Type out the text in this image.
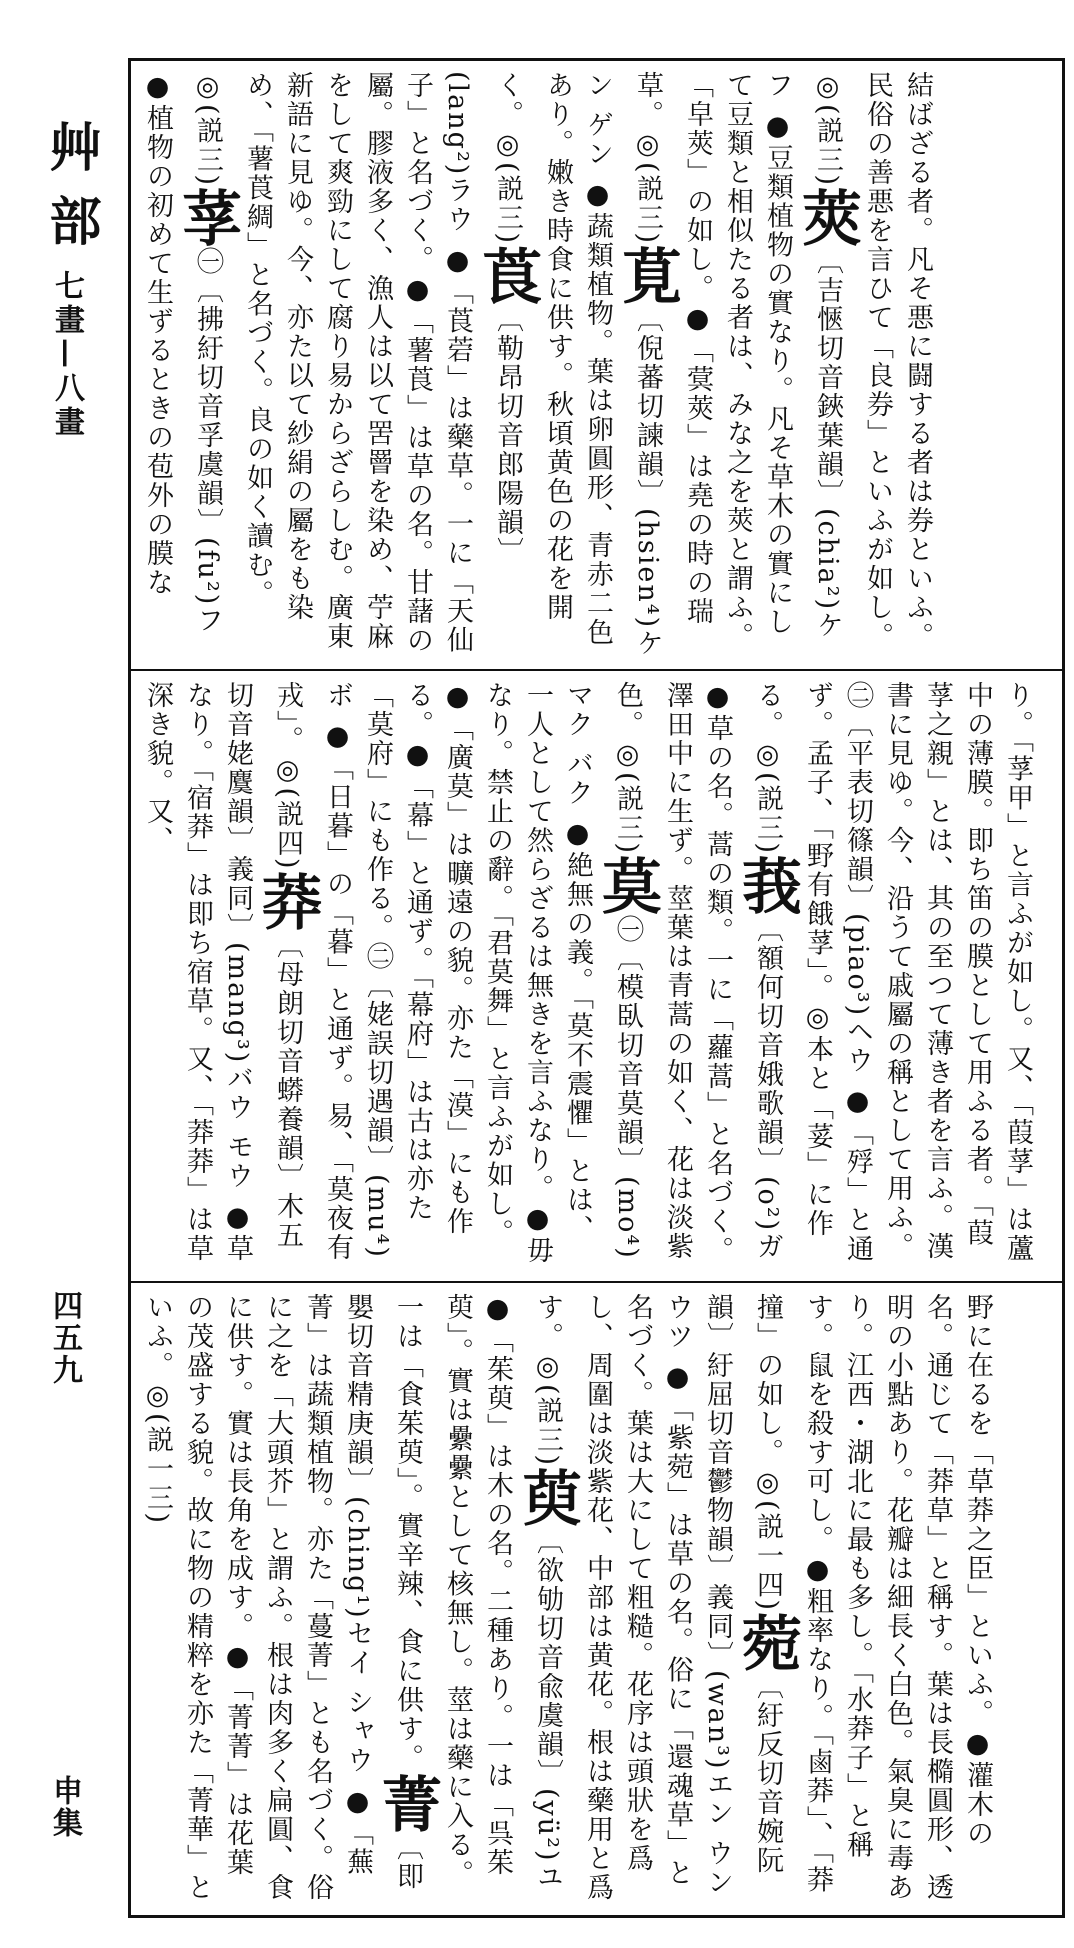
艸部
七畫—八畫
四五九
申集
結ばざる者。凡そ悪に闘する者は券といふ。民俗の善悪を言ひて「良券」といふが如し。◎(説三)莢〔吉愜切音鋏葉韻〕(chia²)ケフ ●豆類植物の實なり。凡そ草木の實にして豆類と相似たる者は、みな之を莢と謂ふ。「皁莢」の如し。●「蓂莢」は堯の時の瑞草。◎(説三)莧〔倪蕃切諫韻〕(hsien⁴)ケン ゲン ●蔬類植物。葉は卵圓形、青赤二色あり。嫩き時食に供す。秋頃黄色の花を開く。◎(説三)莨〔勒昂切音郎陽韻〕(lang²)ラウ ●「莨菪」は藥草。一に「天仙子」と名づく。●「薯莨」は草の名。甘藷の屬。膠液多く、漁人は以て罟罾を染め、苧麻をして爽勁にして腐り易からざらしむ。廣東新語に見ゆ。今、亦た以て紗絹の屬をも染め、「薯莨綢」と名づく。良の如く讀む。◎(説三)莩㊀〔拂紆切音孚虞韻〕(fu²)フ ●植物の初めて生ずるときの苞外の膜な
り。「莩甲」と言ふが如し。又、「葭莩」は蘆中の薄膜。即ち笛の膜として用ふる者。「葭莩之親」とは、其の至つて薄き者を言ふ。漢書に見ゆ。今、沿うて戚屬の稱として用ふ。㊁〔平表切篠韻〕(piao³)ヘウ ●「殍」と通ず。孟子、「野有餓莩」。◎本と「荽」に作る。◎(説三)莪〔額何切音娥歌韻〕(o²)ガ ●草の名。蒿の類。一に「蘿蒿」と名づく。澤田中に生ず。莖葉は青蒿の如く、花は淡紫色。◎(説三)莫㊀〔模臥切音莫韻〕(mo⁴)マク バク ●絶無の義。「莫不震懼」とは、一人として然らざるは無きを言ふなり。●毋なり。禁止の辭。「君莫舞」と言ふが如し。●「廣莫」は曠遠の貌。亦た「漠」にも作る。●「幕」と通ず。「幕府」は古は亦た「莫府」にも作る。㊁〔姥誤切遇韻〕(mu⁴)ボ ●「日暮」の「暮」と通ず。易、「莫夜有戎」。◎(説四)莽〔母朗切音蟒養韻〕木五切音姥麌韻〕義同〕(mang³)バウ モウ ●草なり。「宿莽」は即ち宿草。又、「莽莽」は草深き貌。又、
野に在るを「草莽之臣」といふ。●灌木の名。通じて「莽草」と稱す。葉は長橢圓形、透明の小點あり。花瓣は細長く白色。氣臭に毒あり。江西・湖北に最も多し。「水莽子」と稱す。鼠を殺す可し。●粗率なり。「鹵莽」、「莽撞」の如し。◎(説一四)菀〔紆反切音婉阮韻〕紆屈切音鬱物韻〕義同〕(wan³)エン ウン ウツ ●「紫菀」は草の名。俗に「還魂草」と名づく。葉は大にして粗糙。花序は頭狀を爲し、周圍は淡紫花、中部は黄花。根は藥用と爲す。◎(説三)萸〔欲劬切音兪虞韻〕(yü²)ユ ●「茱萸」は木の名。二種あり。一は「呉茱萸」。實は纍纍として核無し。莖は藥に入る。一は「食茱萸」。實辛辣、食に供す。菁〔即嬰切音精庚韻〕(ching¹)セイ シャウ ●「蕪菁」は蔬類植物。亦た「蔓菁」とも名づく。俗に之を「大頭芥」と謂ふ。根は肉多く扁圓、食に供す。實は長角を成す。●「菁菁」は花葉の茂盛する貌。故に物の精粹を亦た「菁華」といふ。◎(説一三)
